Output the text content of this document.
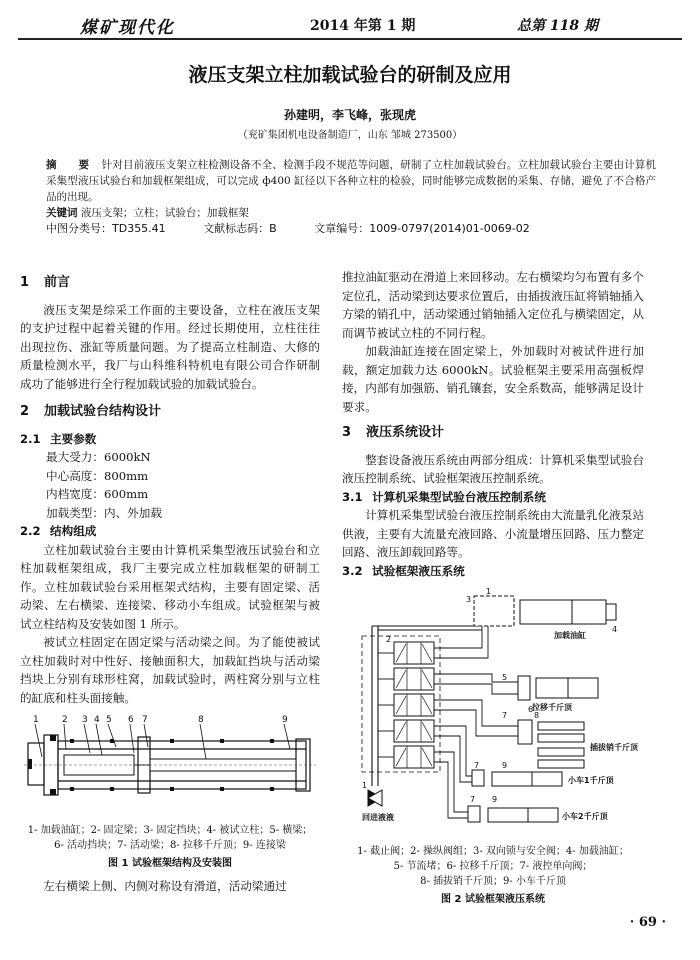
煤矿现代化	2014 年第 1 期	总第 118 期
液压支架立柱加载试验台的研制及应用
孙建明，李飞峰，张现虎
（兖矿集团机电设备制造厂，山东 邹城 273500）

摘 要 针对目前液压支架立柱检测设备不全、检测手段不规范等问题，研制了立柱加载试验台。立柱加载试验台主要由计算机采集型液压试验台和加载框架组成，可以完成 ф400 缸径以下各种立柱的检验，同时能够完成数据的采集、存储，避免了不合格产品的出现。

关键词 液压支架；立柱；试验台；加载框架

中图分类号：TD355.41	文献标志码：B	文章编号：1009-0797(2014)01-0069-02

1 前言

液压支架是综采工作面的主要设备，立柱在液压支架的支护过程中起着关键的作用。经过长期使用，立柱往往出现拉伤、涨缸等质量问题。为了提高立柱制造、大修的质量检测水平，我厂与山科维科特机电有限公司合作研制成功了能够进行全行程加载试验的加载试验台。

2 加载试验台结构设计
2.1 主要参数
最大受力：6000kN
中心高度：800mm
内档宽度：600mm
加载类型：内、外加载
2.2 结构组成

立柱加载试验台主要由计算机采集型液压试验台和立柱加载框架组成，我厂主要完成立柱加载框架的研制工作。立柱加载试验台采用框架式结构，主要有固定梁、活动梁、左右横梁、连接梁、移动小车组成。试验框架与被试立柱结构及安装如图 1 所示。

被试立柱固定在固定梁与活动梁之间。为了能使被试立柱加载时对中性好、接触面积大，加载缸挡块与活动梁挡块上分别有球形柱窝，加载试验时，两柱窝分别与立柱的缸底和柱头面接触。

1	2 3 4 5 6 7	8	9
1- 加载油缸；2- 固定梁；3- 固定挡块；4- 被试立柱；5- 横梁；
6- 活动挡块；7- 活动梁；8- 拉移千斤顶；9- 连接梁
图 1 试验框架结构及安装图

左右横梁上侧、内侧对称设有滑道，活动梁通过

推拉油缸驱动在滑道上来回移动。左右横梁均匀布置有多个定位孔，活动梁到达要求位置后，由插拔液压缸将销轴插入方梁的销孔中，活动梁通过销轴插入定位孔与横梁固定，从而调节被试立柱的不同行程。

加载油缸连接在固定梁上，外加载时对被试件进行加载，额定加载力达 6000kN。试验框架主要采用高强板焊接，内部有加强筋、销孔镶套，安全系数高，能够满足设计要求。

3 液压系统设计

整套设备液压系统由两部分组成：计算机采集型试验台液压控制系统、试验框架液压控制系统。

3.1 计算机采集型试验台液压控制系统

计算机采集型试验台液压控制系统由大流量乳化液泵站供液，主要有大流量充液回路、小流量增压回路、压力整定回路、液压卸载回路等。

3.2 试验框架液压系统
3
1
2
4
5
6
7	8
7	9
7 9
1
加载油缸
拉移千斤顶
插拔销千斤顶
小车1千斤顶
小车2千斤顶
回进液液
1- 截止阀；2- 操纵阀组；3- 双向锁与安全阀；4- 加载油缸；
5- 节流堵；6- 拉移千斤顶；7- 液控单向阀；
8- 插拔销千斤顶；9- 小车千斤顶
图 2 试验框架液压系统
· 69 ·
